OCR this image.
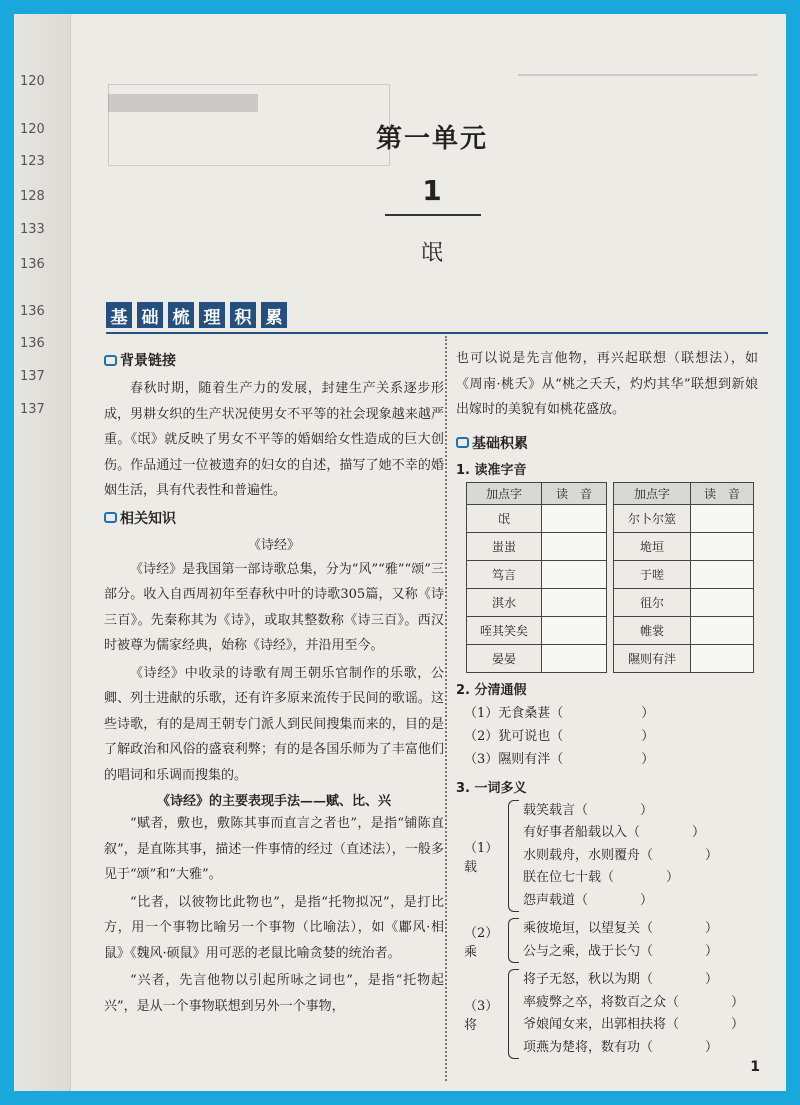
120
120
123
128
133
136
136
136
137
137
第一单元
1
氓
基 础 梳 理 积 累
背景链接

春秋时期，随着生产力的发展，封建生产关系逐步形成，男耕女织的生产状况使男女不平等的社会现象越来越严重。《氓》就反映了男女不平等的婚姻给女性造成的巨大创伤。作品通过一位被遗弃的妇女的自述，描写了她不幸的婚姻生活，具有代表性和普遍性。

相关知识
《诗经》

《诗经》是我国第一部诗歌总集，分为“风”“雅”“颂”三部分。收入自西周初年至春秋中叶的诗歌305篇，又称《诗三百》。先秦称其为《诗》，或取其整数称《诗三百》。西汉时被尊为儒家经典，始称《诗经》，并沿用至今。

《诗经》中收录的诗歌有周王朝乐官制作的乐歌，公卿、列士进献的乐歌，还有许多原来流传于民间的歌谣。这些诗歌，有的是周王朝专门派人到民间搜集而来的，目的是了解政治和风俗的盛衰利弊；有的是各国乐师为了丰富他们的唱词和乐调而搜集的。

《诗经》的主要表现手法——赋、比、兴

“赋者，敷也，敷陈其事而直言之者也”，是指“铺陈直叙”，是直陈其事，描述一件事情的经过（直述法），一般多见于“颂”和“大雅”。

“比者，以彼物比此物也”，是指“托物拟况”，是打比方，用一个事物比喻另一个事物（比喻法），如《鄘风·相鼠》《魏风·硕鼠》用可恶的老鼠比喻贪婪的统治者。

“兴者，先言他物以引起所咏之词也”，是指“托物起兴”，是从一个事物联想到另外一个事物，

也可以说是先言他物，再兴起联想（联想法），如《周南·桃夭》从“桃之夭夭，灼灼其华”联想到新娘出嫁时的美貌有如桃花盛放。

基础积累
1. 读准字音
加点字	读　音
氓	
蚩蚩	
笃言	
淇水	
咥其笑矣	
晏晏	
加点字	读　音
尔卜尔筮	
垝垣	
于嗟	
徂尔	
帷裳	
隰则有泮	
2. 分清通假
（1）无食桑葚（　　　　　　）
（2）犹可说也（　　　　　　）
（3）隰则有泮（　　　　　　）
3. 一词多义
（1）载
载笑载言（　　　　）
有好事者船载以入（　　　　）
水则载舟，水则覆舟（　　　　）
朕在位七十载（　　　　）
怨声载道（　　　　）
（2）乘
乘彼垝垣，以望复关（　　　　）
公与之乘，战于长勺（　　　　）
（3）将
将子无怒，秋以为期（　　　　）
率疲弊之卒，将数百之众（　　　　）
爷娘闻女来，出郭相扶将（　　　　）
项燕为楚将，数有功（　　　　）
1
